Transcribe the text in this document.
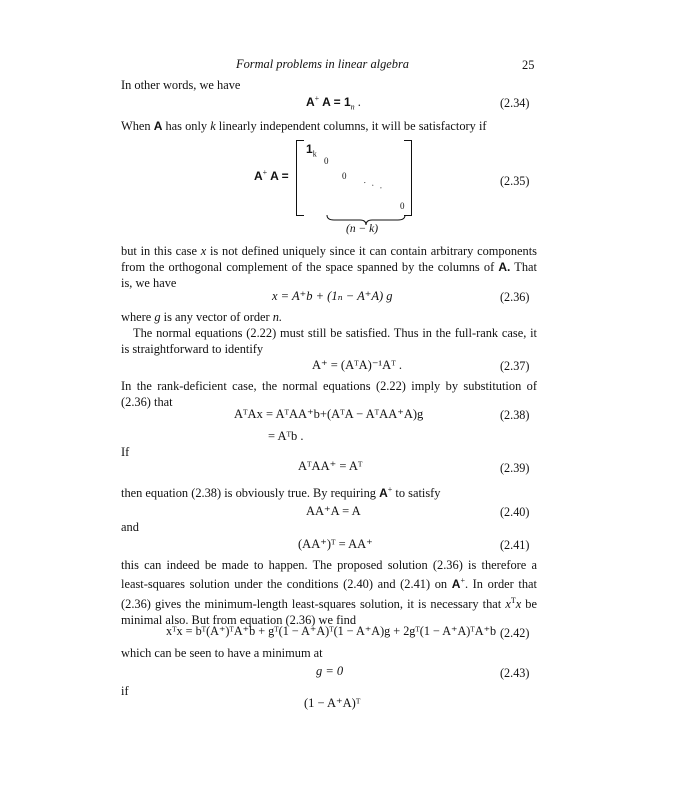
Formal problems in linear algebra	25
In other words, we have
A+ $A = 1_n$ .	(2.34)
When A has only k linearly independent columns, it will be satisfactory if
A+ A =
$1_k$
0
0 . . .
0
(n − k)
(2.35)
but in this case x is not defined uniquely since it can contain arbitrary components from the orthogonal complement of the space spanned by the columns of A. That is, we have
x = A⁺b + (1ₙ − A⁺A) g	(2.36)
where g is any vector of order n.
The normal equations (2.22) must still be satisfied. Thus in the full-rank case, it is straightforward to identify
A⁺ = (AᵀA)⁻¹Aᵀ .	(2.37)
In the rank-deficient case, the normal equations (2.22) imply by substitution of (2.36) that
AᵀAx = AᵀAA⁺b+(AᵀA − AᵀAA⁺A)g
= Aᵀb .
(2.38)
If
AᵀAA⁺ = Aᵀ	(2.39)
then equation (2.38) is obviously true. By requiring A+ to satisfy
AA⁺A = A	(2.40)
and
(AA⁺)ᵀ = AA⁺	(2.41)
this can indeed be made to happen. The proposed solution (2.36) is therefore a least-squares solution under the conditions (2.40) and (2.41) on A+. In order that (2.36) gives the minimum-length least-squares solution, it is necessary that $x^Tx$ be minimal also. But from equation (2.36) we find
xᵀx = bᵀ(A⁺)ᵀA⁺b + gᵀ(1 − A⁺A)ᵀ(1 − A⁺A)g + 2gᵀ(1 − A⁺A)ᵀA⁺b (2.42)
which can be seen to have a minimum at
g = 0	(2.43)
if
(1 − A⁺A)ᵀ
